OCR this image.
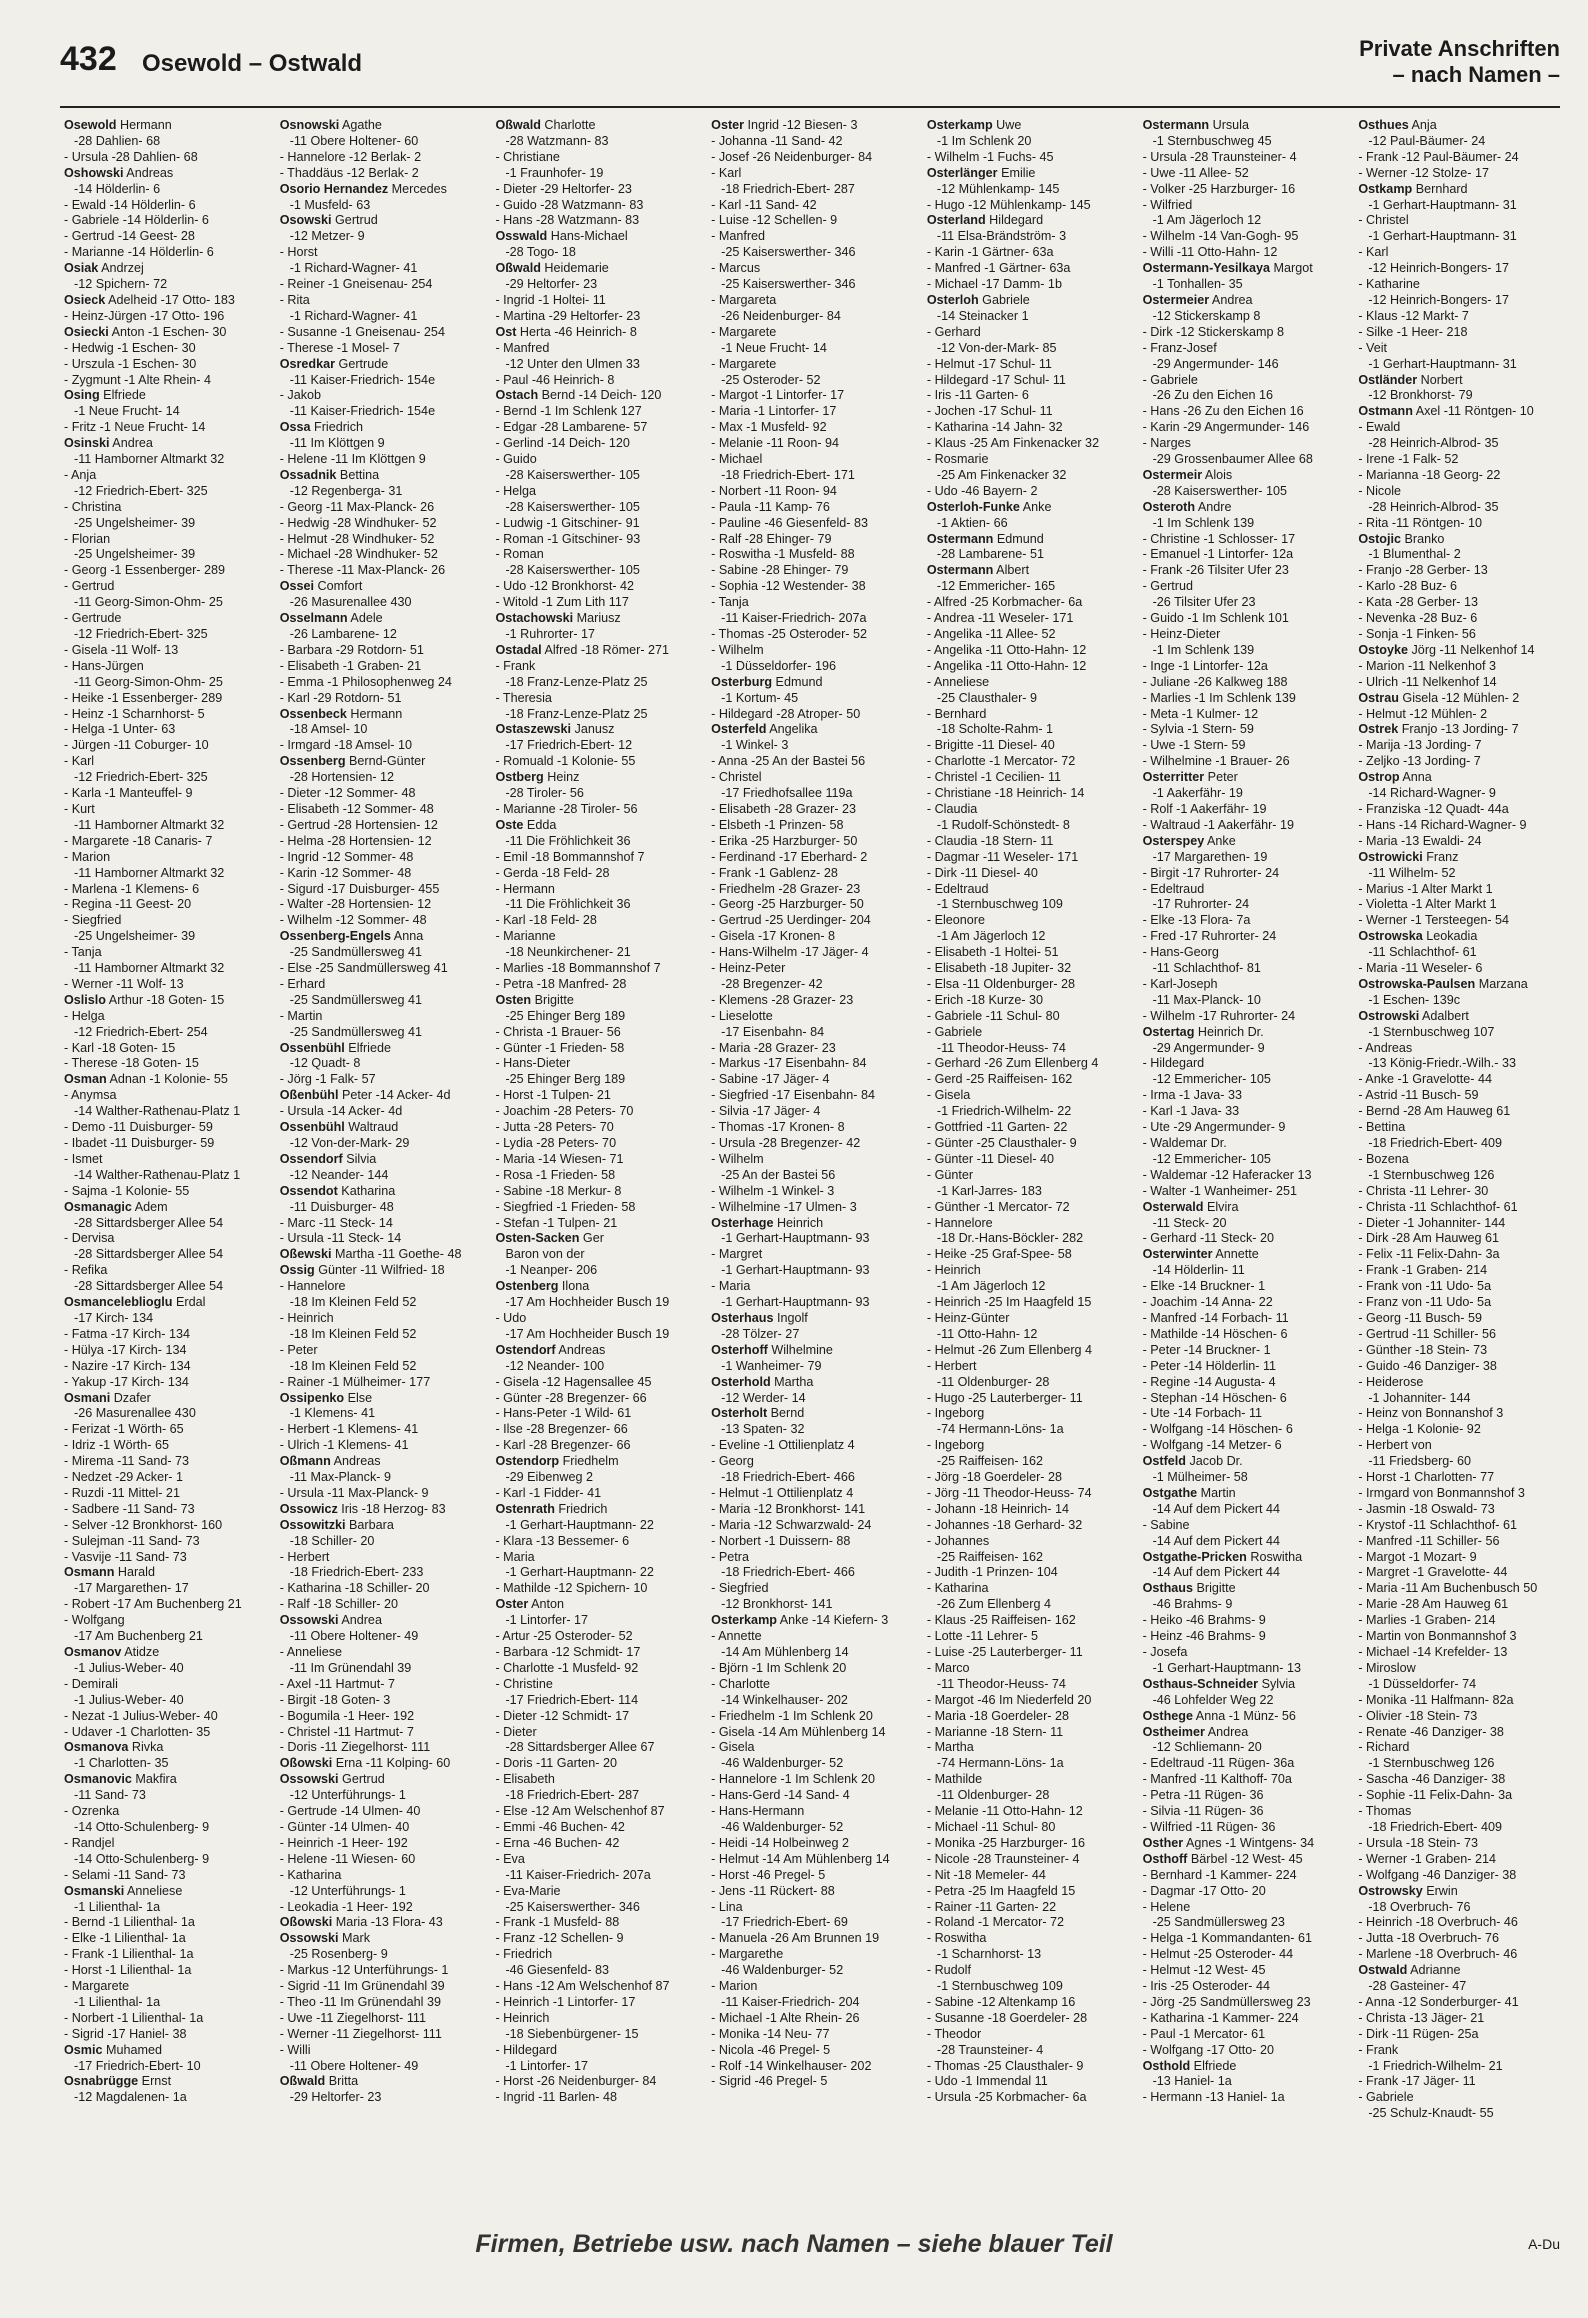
432 Osewold – Ostwald
Private Anschriften
– nach Namen –
Osewold Hermann
-28 Dahlien- 68
- Ursula -28 Dahlien- 68
Oshowski Andreas
-14 Hölderlin- 6
- Ewald -14 Hölderlin- 6
- Gabriele -14 Hölderlin- 6
- Gertrud -14 Geest- 28
- Marianne -14 Hölderlin- 6
Osiak Andrzej
-12 Spichern- 72
Osieck Adelheid -17 Otto- 183
- Heinz-Jürgen -17 Otto- 196
Osiecki Anton -1 Eschen- 30
- Hedwig -1 Eschen- 30
- Urszula -1 Eschen- 30
- Zygmunt -1 Alte Rhein- 4
Osing Elfriede
-1 Neue Frucht- 14
- Fritz -1 Neue Frucht- 14
Osinski Andrea
-11 Hamborner Altmarkt 32
- Anja
-12 Friedrich-Ebert- 325
- Christina
-25 Ungelsheimer- 39
- Florian
-25 Ungelsheimer- 39
- Georg -1 Essenberger- 289
- Gertrud
-11 Georg-Simon-Ohm- 25
- Gertrude
-12 Friedrich-Ebert- 325
- Gisela -11 Wolf- 13
- Hans-Jürgen
-11 Georg-Simon-Ohm- 25
- Heike -1 Essenberger- 289
- Heinz -1 Scharnhorst- 5
- Helga -1 Unter- 63
- Jürgen -11 Coburger- 10
- Karl
-12 Friedrich-Ebert- 325
- Karla -1 Manteuffel- 9
- Kurt
-11 Hamborner Altmarkt 32
- Margarete -18 Canaris- 7
- Marion
-11 Hamborner Altmarkt 32
- Marlena -1 Klemens- 6
- Regina -11 Geest- 20
- Siegfried
-25 Ungelsheimer- 39
- Tanja
-11 Hamborner Altmarkt 32
- Werner -11 Wolf- 13
Oslislo Arthur -18 Goten- 15
- Helga
-12 Friedrich-Ebert- 254
- Karl -18 Goten- 15
- Therese -18 Goten- 15
Osman Adnan -1 Kolonie- 55
- Anymsa
-14 Walther-Rathenau-Platz 1
- Demo -11 Duisburger- 59
- Ibadet -11 Duisburger- 59
- Ismet
-14 Walther-Rathenau-Platz 1
- Sajma -1 Kolonie- 55
Osmanagic Adem
-28 Sittardsberger Allee 54
- Dervisa
-28 Sittardsberger Allee 54
- Refika
-28 Sittardsberger Allee 54
Osmanceleblioglu Erdal
-17 Kirch- 134
- Fatma -17 Kirch- 134
- Hülya -17 Kirch- 134
- Nazire -17 Kirch- 134
- Yakup -17 Kirch- 134
Osmani Dzafer
-26 Masurenallee 430
- Ferizat -1 Wörth- 65
- Idriz -1 Wörth- 65
- Mirema -11 Sand- 73
- Nedzet -29 Acker- 1
- Ruzdi -11 Mittel- 21
- Sadbere -11 Sand- 73
- Selver -12 Bronkhorst- 160
- Sulejman -11 Sand- 73
- Vasvije -11 Sand- 73
Osmann Harald
-17 Margarethen- 17
- Robert -17 Am Buchenberg 21
- Wolfgang
-17 Am Buchenberg 21
Osmanov Atidze
-1 Julius-Weber- 40
- Demirali
-1 Julius-Weber- 40
- Nezat -1 Julius-Weber- 40
- Udaver -1 Charlotten- 35
Osmanova Rivka
-1 Charlotten- 35
Osmanovic Makfira
-11 Sand- 73
- Ozrenka
-14 Otto-Schulenberg- 9
- Randjel
-14 Otto-Schulenberg- 9
- Selami -11 Sand- 73
Osmanski Anneliese
-1 Lilienthal- 1a
- Bernd -1 Lilienthal- 1a
- Elke -1 Lilienthal- 1a
- Frank -1 Lilienthal- 1a
- Horst -1 Lilienthal- 1a
- Margarete
-1 Lilienthal- 1a
- Norbert -1 Lilienthal- 1a
- Sigrid -17 Haniel- 38
Osmic Muhamed
-17 Friedrich-Ebert- 10
Osnabrügge Ernst
-12 Magdalenen- 1a
Osnowski Agathe
-11 Obere Holtener- 60
- Hannelore -12 Berlak- 2
- Thaddäus -12 Berlak- 2
Osorio Hernandez Mercedes
-1 Musfeld- 63
Osowski Gertrud
-12 Metzer- 9
- Horst
-1 Richard-Wagner- 41
- Reiner -1 Gneisenau- 254
- Rita
-1 Richard-Wagner- 41
- Susanne -1 Gneisenau- 254
- Therese -1 Mosel- 7
Osredkar Gertrude
-11 Kaiser-Friedrich- 154e
- Jakob
-11 Kaiser-Friedrich- 154e
Ossa Friedrich
-11 Im Klöttgen 9
- Helene -11 Im Klöttgen 9
Ossadnik Bettina
-12 Regenberga- 31
- Georg -11 Max-Planck- 26
- Hedwig -28 Windhuker- 52
- Helmut -28 Windhuker- 52
- Michael -28 Windhuker- 52
- Therese -11 Max-Planck- 26
Ossei Comfort
-26 Masurenallee 430
Osselmann Adele
-26 Lambarene- 12
- Barbara -29 Rotdorn- 51
- Elisabeth -1 Graben- 21
- Emma -1 Philosophenweg 24
- Karl -29 Rotdorn- 51
Ossenbeck Hermann
-18 Amsel- 10
- Irmgard -18 Amsel- 10
Ossenberg Bernd-Günter
-28 Hortensien- 12
- Dieter -12 Sommer- 48
- Elisabeth -12 Sommer- 48
- Gertrud -28 Hortensien- 12
- Helma -28 Hortensien- 12
- Ingrid -12 Sommer- 48
- Karin -12 Sommer- 48
- Sigurd -17 Duisburger- 455
- Walter -28 Hortensien- 12
- Wilhelm -12 Sommer- 48
Ossenberg-Engels Anna
-25 Sandmüllersweg 41
- Else -25 Sandmüllersweg 41
- Erhard
-25 Sandmüllersweg 41
- Martin
-25 Sandmüllersweg 41
Ossenbühl Elfriede
-12 Quadt- 8
- Jörg -1 Falk- 57
Oßenbühl Peter -14 Acker- 4d
- Ursula -14 Acker- 4d
Ossenbühl Waltraud
-12 Von-der-Mark- 29
Ossendorf Silvia
-12 Neander- 144
Ossendot Katharina
-11 Duisburger- 48
- Marc -11 Steck- 14
- Ursula -11 Steck- 14
Oßewski Martha -11 Goethe- 48
Ossig Günter -11 Wilfried- 18
- Hannelore
-18 Im Kleinen Feld 52
- Heinrich
-18 Im Kleinen Feld 52
- Peter
-18 Im Kleinen Feld 52
- Rainer -1 Mülheimer- 177
Ossipenko Else
-1 Klemens- 41
- Herbert -1 Klemens- 41
- Ulrich -1 Klemens- 41
Oßmann Andreas
-11 Max-Planck- 9
- Ursula -11 Max-Planck- 9
Ossowicz Iris -18 Herzog- 83
Ossowitzki Barbara
-18 Schiller- 20
- Herbert
-18 Friedrich-Ebert- 233
- Katharina -18 Schiller- 20
- Ralf -18 Schiller- 20
Ossowski Andrea
-11 Obere Holtener- 49
- Anneliese
-11 Im Grünendahl 39
- Axel -11 Hartmut- 7
- Birgit -18 Goten- 3
- Bogumila -1 Heer- 192
- Christel -11 Hartmut- 7
- Doris -11 Ziegelhorst- 111
Oßowski Erna -11 Kolping- 60
Ossowski Gertrud
-12 Unterführungs- 1
- Gertrude -14 Ulmen- 40
- Günter -14 Ulmen- 40
- Heinrich -1 Heer- 192
- Helene -11 Wiesen- 60
- Katharina
-12 Unterführungs- 1
- Leokadia -1 Heer- 192
Oßowski Maria -13 Flora- 43
Ossowski Mark
-25 Rosenberg- 9
- Markus -12 Unterführungs- 1
- Sigrid -11 Im Grünendahl 39
- Theo -11 Im Grünendahl 39
- Uwe -11 Ziegelhorst- 111
- Werner -11 Ziegelhorst- 111
- Willi
-11 Obere Holtener- 49
Oßwald Britta
-29 Heltorfer- 23
Oßwald Charlotte
-28 Watzmann- 83
- Christiane
-1 Fraunhofer- 19
- Dieter -29 Heltorfer- 23
- Guido -28 Watzmann- 83
- Hans -28 Watzmann- 83
Osswald Hans-Michael
-28 Togo- 18
Oßwald Heidemarie
-29 Heltorfer- 23
- Ingrid -1 Holtei- 11
- Martina -29 Heltorfer- 23
Ost Herta -46 Heinrich- 8
- Manfred
-12 Unter den Ulmen 33
- Paul -46 Heinrich- 8
Ostach Bernd -14 Deich- 120
- Bernd -1 Im Schlenk 127
- Edgar -28 Lambarene- 57
- Gerlind -14 Deich- 120
- Guido
-28 Kaiserswerther- 105
- Helga
-28 Kaiserswerther- 105
- Ludwig -1 Gitschiner- 91
- Roman -1 Gitschiner- 93
- Roman
-28 Kaiserswerther- 105
- Udo -12 Bronkhorst- 42
- Witold -1 Zum Lith 117
Ostachowski Mariusz
-1 Ruhrorter- 17
Ostadal Alfred -18 Römer- 271
- Frank
-18 Franz-Lenze-Platz 25
- Theresia
-18 Franz-Lenze-Platz 25
Ostaszewski Janusz
-17 Friedrich-Ebert- 12
- Romuald -1 Kolonie- 55
Ostberg Heinz
-28 Tiroler- 56
- Marianne -28 Tiroler- 56
Oste Edda
-11 Die Fröhlichkeit 36
- Emil -18 Bommannshof 7
- Gerda -18 Feld- 28
- Hermann
-11 Die Fröhlichkeit 36
- Karl -18 Feld- 28
- Marianne
-18 Neunkirchener- 21
- Marlies -18 Bommannshof 7
- Petra -18 Manfred- 28
Osten Brigitte
-25 Ehinger Berg 189
- Christa -1 Brauer- 56
- Günter -1 Frieden- 58
- Hans-Dieter
-25 Ehinger Berg 189
- Horst -1 Tulpen- 21
- Joachim -28 Peters- 70
- Jutta -28 Peters- 70
- Lydia -28 Peters- 70
- Maria -14 Wiesen- 71
- Rosa -1 Frieden- 58
- Sabine -18 Merkur- 8
- Siegfried -1 Frieden- 58
- Stefan -1 Tulpen- 21
Osten-Sacken Ger
Baron von der
-1 Neanper- 206
Ostenberg Ilona
-17 Am Hochheider Busch 19
- Udo
-17 Am Hochheider Busch 19
Ostendorf Andreas
-12 Neander- 100
- Gisela -12 Hagensallee 45
- Günter -28 Bregenzer- 66
- Hans-Peter -1 Wild- 61
- Ilse -28 Bregenzer- 66
- Karl -28 Bregenzer- 66
Ostendorp Friedhelm
-29 Eibenweg 2
- Karl -1 Fidder- 41
Ostenrath Friedrich
-1 Gerhart-Hauptmann- 22
- Klara -13 Bessemer- 6
- Maria
-1 Gerhart-Hauptmann- 22
- Mathilde -12 Spichern- 10
Oster Anton
-1 Lintorfer- 17
- Artur -25 Osteroder- 52
- Barbara -12 Schmidt- 17
- Charlotte -1 Musfeld- 92
- Christine
-17 Friedrich-Ebert- 114
- Dieter -12 Schmidt- 17
- Dieter
-28 Sittardsberger Allee 67
- Doris -11 Garten- 20
- Elisabeth
-18 Friedrich-Ebert- 287
- Else -12 Am Welschenhof 87
- Emmi -46 Buchen- 42
- Erna -46 Buchen- 42
- Eva
-11 Kaiser-Friedrich- 207a
- Eva-Marie
-25 Kaiserswerther- 346
- Frank -1 Musfeld- 88
- Franz -12 Schellen- 9
- Friedrich
-46 Giesenfeld- 83
- Hans -12 Am Welschenhof 87
- Heinrich -1 Lintorfer- 17
- Heinrich
-18 Siebenbürgener- 15
- Hildegard
-1 Lintorfer- 17
- Horst -26 Neidenburger- 84
- Ingrid -11 Barlen- 48
Oster Ingrid -12 Biesen- 3
- Johanna -11 Sand- 42
- Josef -26 Neidenburger- 84
- Karl
-18 Friedrich-Ebert- 287
- Karl -11 Sand- 42
- Luise -12 Schellen- 9
- Manfred
-25 Kaiserswerther- 346
- Marcus
-25 Kaiserswerther- 346
- Margareta
-26 Neidenburger- 84
- Margarete
-1 Neue Frucht- 14
- Margarete
-25 Osteroder- 52
- Margot -1 Lintorfer- 17
- Maria -1 Lintorfer- 17
- Max -1 Musfeld- 92
- Melanie -11 Roon- 94
- Michael
-18 Friedrich-Ebert- 171
- Norbert -11 Roon- 94
- Paula -11 Kamp- 76
- Pauline -46 Giesenfeld- 83
- Ralf -28 Ehinger- 79
- Roswitha -1 Musfeld- 88
- Sabine -28 Ehinger- 79
- Sophia -12 Westender- 38
- Tanja
-11 Kaiser-Friedrich- 207a
- Thomas -25 Osteroder- 52
- Wilhelm
-1 Düsseldorfer- 196
Osterburg Edmund
-1 Kortum- 45
- Hildegard -28 Atroper- 50
Osterfeld Angelika
-1 Winkel- 3
- Anna -25 An der Bastei 56
- Christel
-17 Friedhofsallee 119a
- Elisabeth -28 Grazer- 23
- Elsbeth -1 Prinzen- 58
- Erika -25 Harzburger- 50
- Ferdinand -17 Eberhard- 2
- Frank -1 Gablenz- 28
- Friedhelm -28 Grazer- 23
- Georg -25 Harzburger- 50
- Gertrud -25 Uerdinger- 204
- Gisela -17 Kronen- 8
- Hans-Wilhelm -17 Jäger- 4
- Heinz-Peter
-28 Bregenzer- 42
- Klemens -28 Grazer- 23
- Lieselotte
-17 Eisenbahn- 84
- Maria -28 Grazer- 23
- Markus -17 Eisenbahn- 84
- Sabine -17 Jäger- 4
- Siegfried -17 Eisenbahn- 84
- Silvia -17 Jäger- 4
- Thomas -17 Kronen- 8
- Ursula -28 Bregenzer- 42
- Wilhelm
-25 An der Bastei 56
- Wilhelm -1 Winkel- 3
- Wilhelmine -17 Ulmen- 3
Osterhage Heinrich
-1 Gerhart-Hauptmann- 93
- Margret
-1 Gerhart-Hauptmann- 93
- Maria
-1 Gerhart-Hauptmann- 93
Osterhaus Ingolf
-28 Tölzer- 27
Osterhoff Wilhelmine
-1 Wanheimer- 79
Osterhold Martha
-12 Werder- 14
Osterholt Bernd
-13 Spaten- 32
- Eveline -1 Ottilienplatz 4
- Georg
-18 Friedrich-Ebert- 466
- Helmut -1 Ottilienplatz 4
- Maria -12 Bronkhorst- 141
- Maria -12 Schwarzwald- 24
- Norbert -1 Duissern- 88
- Petra
-18 Friedrich-Ebert- 466
- Siegfried
-12 Bronkhorst- 141
Osterkamp Anke -14 Kiefern- 3
- Annette
-14 Am Mühlenberg 14
- Björn -1 Im Schlenk 20
- Charlotte
-14 Winkelhauser- 202
- Friedhelm -1 Im Schlenk 20
- Gisela -14 Am Mühlenberg 14
- Gisela
-46 Waldenburger- 52
- Hannelore -1 Im Schlenk 20
- Hans-Gerd -14 Sand- 4
- Hans-Hermann
-46 Waldenburger- 52
- Heidi -14 Holbeinweg 2
- Helmut -14 Am Mühlenberg 14
- Horst -46 Pregel- 5
- Jens -11 Rückert- 88
- Lina
-17 Friedrich-Ebert- 69
- Manuela -26 Am Brunnen 19
- Margarethe
-46 Waldenburger- 52
- Marion
-11 Kaiser-Friedrich- 204
- Michael -1 Alte Rhein- 26
- Monika -14 Neu- 77
- Nicola -46 Pregel- 5
- Rolf -14 Winkelhauser- 202
- Sigrid -46 Pregel- 5
Osterkamp Uwe
-1 Im Schlenk 20
- Wilhelm -1 Fuchs- 45
Osterlänger Emilie
-12 Mühlenkamp- 145
- Hugo -12 Mühlenkamp- 145
Osterland Hildegard
-11 Elsa-Brändström- 3
- Karin -1 Gärtner- 63a
- Manfred -1 Gärtner- 63a
- Michael -17 Damm- 1b
Osterloh Gabriele
-14 Steinacker 1
- Gerhard
-12 Von-der-Mark- 85
- Helmut -17 Schul- 11
- Hildegard -17 Schul- 11
- Iris -11 Garten- 6
- Jochen -17 Schul- 11
- Katharina -14 Jahn- 32
- Klaus -25 Am Finkenacker 32
- Rosmarie
-25 Am Finkenacker 32
- Udo -46 Bayern- 2
Osterloh-Funke Anke
-1 Aktien- 66
Ostermann Edmund
-28 Lambarene- 51
Ostermann Albert
-12 Emmericher- 165
- Alfred -25 Korbmacher- 6a
- Andrea -11 Weseler- 171
- Angelika -11 Allee- 52
- Angelika -11 Otto-Hahn- 12
- Angelika -11 Otto-Hahn- 12
- Anneliese
-25 Clausthaler- 9
- Bernhard
-18 Scholte-Rahm- 1
- Brigitte -11 Diesel- 40
- Charlotte -1 Mercator- 72
- Christel -1 Cecilien- 11
- Christiane -18 Heinrich- 14
- Claudia
-1 Rudolf-Schönstedt- 8
- Claudia -18 Stern- 11
- Dagmar -11 Weseler- 171
- Dirk -11 Diesel- 40
- Edeltraud
-1 Sternbuschweg 109
- Eleonore
-1 Am Jägerloch 12
- Elisabeth -1 Holtei- 51
- Elisabeth -18 Jupiter- 32
- Elsa -11 Oldenburger- 28
- Erich -18 Kurze- 30
- Gabriele -11 Schul- 80
- Gabriele
-11 Theodor-Heuss- 74
- Gerhard -26 Zum Ellenberg 4
- Gerd -25 Raiffeisen- 162
- Gisela
-1 Friedrich-Wilhelm- 22
- Gottfried -11 Garten- 22
- Günter -25 Clausthaler- 9
- Günter -11 Diesel- 40
- Günter
-1 Karl-Jarres- 183
- Günther -1 Mercator- 72
- Hannelore
-18 Dr.-Hans-Böckler- 282
- Heike -25 Graf-Spee- 58
- Heinrich
-1 Am Jägerloch 12
- Heinrich -25 Im Haagfeld 15
- Heinz-Günter
-11 Otto-Hahn- 12
- Helmut -26 Zum Ellenberg 4
- Herbert
-11 Oldenburger- 28
- Hugo -25 Lauterberger- 11
- Ingeborg
-74 Hermann-Löns- 1a
- Ingeborg
-25 Raiffeisen- 162
- Jörg -18 Goerdeler- 28
- Jörg -11 Theodor-Heuss- 74
- Johann -18 Heinrich- 14
- Johannes -18 Gerhard- 32
- Johannes
-25 Raiffeisen- 162
- Judith -1 Prinzen- 104
- Katharina
-26 Zum Ellenberg 4
- Klaus -25 Raiffeisen- 162
- Lotte -11 Lehrer- 5
- Luise -25 Lauterberger- 11
- Marco
-11 Theodor-Heuss- 74
- Margot -46 Im Niederfeld 20
- Maria -18 Goerdeler- 28
- Marianne -18 Stern- 11
- Martha
-74 Hermann-Löns- 1a
- Mathilde
-11 Oldenburger- 28
- Melanie -11 Otto-Hahn- 12
- Michael -11 Schul- 80
- Monika -25 Harzburger- 16
- Nicole -28 Traunsteiner- 4
- Nit -18 Memeler- 44
- Petra -25 Im Haagfeld 15
- Rainer -11 Garten- 22
- Roland -1 Mercator- 72
- Roswitha
-1 Scharnhorst- 13
- Rudolf
-1 Sternbuschweg 109
- Sabine -12 Altenkamp 16
- Susanne -18 Goerdeler- 28
- Theodor
-28 Traunsteiner- 4
- Thomas -25 Clausthaler- 9
- Udo -1 Immendal 11
- Ursula -25 Korbmacher- 6a
Ostermann Ursula
-1 Sternbuschweg 45
- Ursula -28 Traunsteiner- 4
- Uwe -11 Allee- 52
- Volker -25 Harzburger- 16
- Wilfried
-1 Am Jägerloch 12
- Wilhelm -14 Van-Gogh- 95
- Willi -11 Otto-Hahn- 12
Ostermann-Yesilkaya Margot
-1 Tonhallen- 35
Ostermeier Andrea
-12 Stickerskamp 8
- Dirk -12 Stickerskamp 8
- Franz-Josef
-29 Angermunder- 146
- Gabriele
-26 Zu den Eichen 16
- Hans -26 Zu den Eichen 16
- Karin -29 Angermunder- 146
- Narges
-29 Grossenbaumer Allee 68
Ostermeir Alois
-28 Kaiserswerther- 105
Osteroth Andre
-1 Im Schlenk 139
- Christine -1 Schlosser- 17
- Emanuel -1 Lintorfer- 12a
- Frank -26 Tilsiter Ufer 23
- Gertrud
-26 Tilsiter Ufer 23
- Guido -1 Im Schlenk 101
- Heinz-Dieter
-1 Im Schlenk 139
- Inge -1 Lintorfer- 12a
- Juliane -26 Kalkweg 188
- Marlies -1 Im Schlenk 139
- Meta -1 Kulmer- 12
- Sylvia -1 Stern- 59
- Uwe -1 Stern- 59
- Wilhelmine -1 Brauer- 26
Osterritter Peter
-1 Aakerfähr- 19
- Rolf -1 Aakerfähr- 19
- Waltraud -1 Aakerfähr- 19
Osterspey Anke
-17 Margarethen- 19
- Birgit -17 Ruhrorter- 24
- Edeltraud
-17 Ruhrorter- 24
- Elke -13 Flora- 7a
- Fred -17 Ruhrorter- 24
- Hans-Georg
-11 Schlachthof- 81
- Karl-Joseph
-11 Max-Planck- 10
- Wilhelm -17 Ruhrorter- 24
Ostertag Heinrich Dr.
-29 Angermunder- 9
- Hildegard
-12 Emmericher- 105
- Irma -1 Java- 33
- Karl -1 Java- 33
- Ute -29 Angermunder- 9
- Waldemar Dr.
-12 Emmericher- 105
- Waldemar -12 Haferacker 13
- Walter -1 Wanheimer- 251
Osterwald Elvira
-11 Steck- 20
- Gerhard -11 Steck- 20
Osterwinter Annette
-14 Hölderlin- 11
- Elke -14 Bruckner- 1
- Joachim -14 Anna- 22
- Manfred -14 Forbach- 11
- Mathilde -14 Höschen- 6
- Peter -14 Bruckner- 1
- Peter -14 Hölderlin- 11
- Regine -14 Augusta- 4
- Stephan -14 Höschen- 6
- Ute -14 Forbach- 11
- Wolfgang -14 Höschen- 6
- Wolfgang -14 Metzer- 6
Ostfeld Jacob Dr.
-1 Mülheimer- 58
Ostgathe Martin
-14 Auf dem Pickert 44
- Sabine
-14 Auf dem Pickert 44
Ostgathe-Pricken Roswitha
-14 Auf dem Pickert 44
Osthaus Brigitte
-46 Brahms- 9
- Heiko -46 Brahms- 9
- Heinz -46 Brahms- 9
- Josefa
-1 Gerhart-Hauptmann- 13
Osthaus-Schneider Sylvia
-46 Lohfelder Weg 22
Osthege Anna -1 Münz- 56
Ostheimer Andrea
-12 Schliemann- 20
- Edeltraud -11 Rügen- 36a
- Manfred -11 Kalthoff- 70a
- Petra -11 Rügen- 36
- Silvia -11 Rügen- 36
- Wilfried -11 Rügen- 36
Osther Agnes -1 Wintgens- 34
Osthoff Bärbel -12 West- 45
- Bernhard -1 Kammer- 224
- Dagmar -17 Otto- 20
- Helene
-25 Sandmüllersweg 23
- Helga -1 Kommandanten- 61
- Helmut -25 Osteroder- 44
- Helmut -12 West- 45
- Iris -25 Osteroder- 44
- Jörg -25 Sandmüllersweg 23
- Katharina -1 Kammer- 224
- Paul -1 Mercator- 61
- Wolfgang -17 Otto- 20
Osthold Elfriede
-13 Haniel- 1a
- Hermann -13 Haniel- 1a
Osthues Anja
-12 Paul-Bäumer- 24
- Frank -12 Paul-Bäumer- 24
- Werner -12 Stolze- 17
Ostkamp Bernhard
-1 Gerhart-Hauptmann- 31
- Christel
-1 Gerhart-Hauptmann- 31
- Karl
-12 Heinrich-Bongers- 17
- Katharine
-12 Heinrich-Bongers- 17
- Klaus -12 Markt- 7
- Silke -1 Heer- 218
- Veit
-1 Gerhart-Hauptmann- 31
Ostländer Norbert
-12 Bronkhorst- 79
Ostmann Axel -11 Röntgen- 10
- Ewald
-28 Heinrich-Albrod- 35
- Irene -1 Falk- 52
- Marianna -18 Georg- 22
- Nicole
-28 Heinrich-Albrod- 35
- Rita -11 Röntgen- 10
Ostojic Branko
-1 Blumenthal- 2
- Franjo -28 Gerber- 13
- Karlo -28 Buz- 6
- Kata -28 Gerber- 13
- Nevenka -28 Buz- 6
- Sonja -1 Finken- 56
Ostoyke Jörg -11 Nelkenhof 14
- Marion -11 Nelkenhof 3
- Ulrich -11 Nelkenhof 14
Ostrau Gisela -12 Mühlen- 2
- Helmut -12 Mühlen- 2
Ostrek Franjo -13 Jording- 7
- Marija -13 Jording- 7
- Zeljko -13 Jording- 7
Ostrop Anna
-14 Richard-Wagner- 9
- Franziska -12 Quadt- 44a
- Hans -14 Richard-Wagner- 9
- Maria -13 Ewaldi- 24
Ostrowicki Franz
-11 Wilhelm- 52
- Marius -1 Alter Markt 1
- Violetta -1 Alter Markt 1
- Werner -1 Tersteegen- 54
Ostrowska Leokadia
-11 Schlachthof- 61
- Maria -11 Weseler- 6
Ostrowska-Paulsen Marzana
-1 Eschen- 139c
Ostrowski Adalbert
-1 Sternbuschweg 107
- Andreas
-13 König-Friedr.-Wilh.- 33
- Anke -1 Gravelotte- 44
- Astrid -11 Busch- 59
- Bernd -28 Am Hauweg 61
- Bettina
-18 Friedrich-Ebert- 409
- Bozena
-1 Sternbuschweg 126
- Christa -11 Lehrer- 30
- Christa -11 Schlachthof- 61
- Dieter -1 Johanniter- 144
- Dirk -28 Am Hauweg 61
- Felix -11 Felix-Dahn- 3a
- Frank -1 Graben- 214
- Frank von -11 Udo- 5a
- Franz von -11 Udo- 5a
- Georg -11 Busch- 59
- Gertrud -11 Schiller- 56
- Günther -18 Stein- 73
- Guido -46 Danziger- 38
- Heiderose
-1 Johanniter- 144
- Heinz von Bonnanshof 3
- Helga -1 Kolonie- 92
- Herbert von
-11 Friedsberg- 60
- Horst -1 Charlotten- 77
- Irmgard von Bonmannshof 3
- Jasmin -18 Oswald- 73
- Krystof -11 Schlachthof- 61
- Manfred -11 Schiller- 56
- Margot -1 Mozart- 9
- Margret -1 Gravelotte- 44
- Maria -11 Am Buchenbusch 50
- Marie -28 Am Hauweg 61
- Marlies -1 Graben- 214
- Martin von Bonmannshof 3
- Michael -14 Krefelder- 13
- Miroslow
-1 Düsseldorfer- 74
- Monika -11 Halfmann- 82a
- Olivier -18 Stein- 73
- Renate -46 Danziger- 38
- Richard
-1 Sternbuschweg 126
- Sascha -46 Danziger- 38
- Sophie -11 Felix-Dahn- 3a
- Thomas
-18 Friedrich-Ebert- 409
- Ursula -18 Stein- 73
- Werner -1 Graben- 214
- Wolfgang -46 Danziger- 38
Ostrowsky Erwin
-18 Overbruch- 76
- Heinrich -18 Overbruch- 46
- Jutta -18 Overbruch- 76
- Marlene -18 Overbruch- 46
Ostwald Adrianne
-28 Gasteiner- 47
- Anna -12 Sonderburger- 41
- Christa -13 Jäger- 21
- Dirk -11 Rügen- 25a
- Frank
-1 Friedrich-Wilhelm- 21
- Frank -17 Jäger- 11
- Gabriele
-25 Schulz-Knaudt- 55
Firmen, Betriebe usw. nach Namen – siehe blauer Teil	A-Du
